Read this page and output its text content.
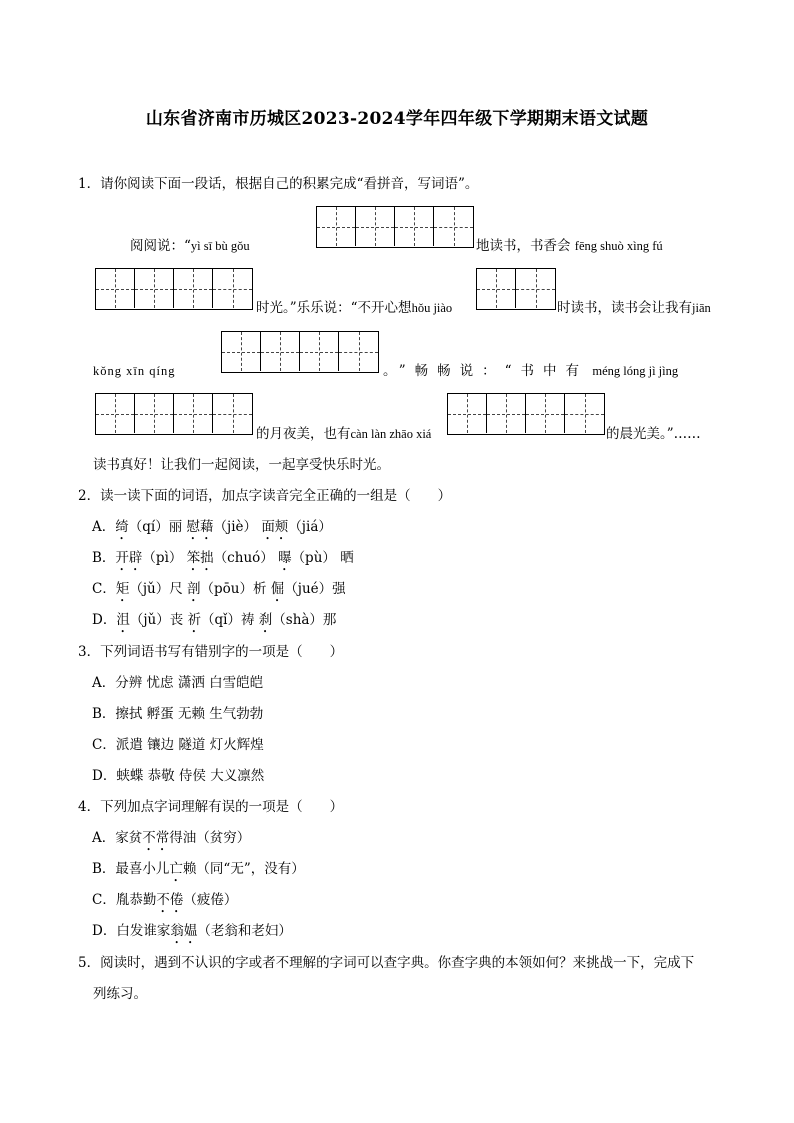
山东省济南市历城区2023-2024学年四年级下学期期末语文试题
1．请你阅读下面一段话，根据自己的积累完成“看拼音，写词语”。
阅阅说：“yì sī bù gǒu	地读书，书香会 fēng shuò xìng fú
时光。”乐乐说：“不开心想hǒu jiào	时读书，读书会让我有jiān
kǒng xīn qíng	。”畅畅说：“书中有 méng lóng jì jìng
的月夜美，也有càn làn zhāo xiá	的晨光美。”……
读书真好！让我们一起阅读，一起享受快乐时光。
2．读一读下面的词语，加点字读音完全正确的一组是（　　）
A．绮（qí）丽 慰藉（jiè） 面颊（jiá）
B．开辟（pì） 笨拙（chuó） 曝（pù） 晒
C．矩（jǔ）尺 剖（pōu）析 倔（jué）强
D．沮（jǔ）丧 祈（qǐ）祷 刹（shà）那
3．下列词语书写有错别字的一项是（　　）
A．分辨 忧虑 潇洒 白雪皑皑
B．擦拭 孵蛋 无赖 生气勃勃
C．派遣 镶边 隧道 灯火辉煌
D．蛱蝶 恭敬 侍侯 大义凛然
4．下列加点字词理解有误的一项是（　　）
A．家贫不常得油（贫穷）
B．最喜小儿亡赖（同“无”，没有）
C．胤恭勤不倦（疲倦）
D．白发谁家翁媪（老翁和老妇）
5．阅读时，遇到不认识的字或者不理解的字词可以查字典。你查字典的本领如何？来挑战一下，完成下
列练习。
